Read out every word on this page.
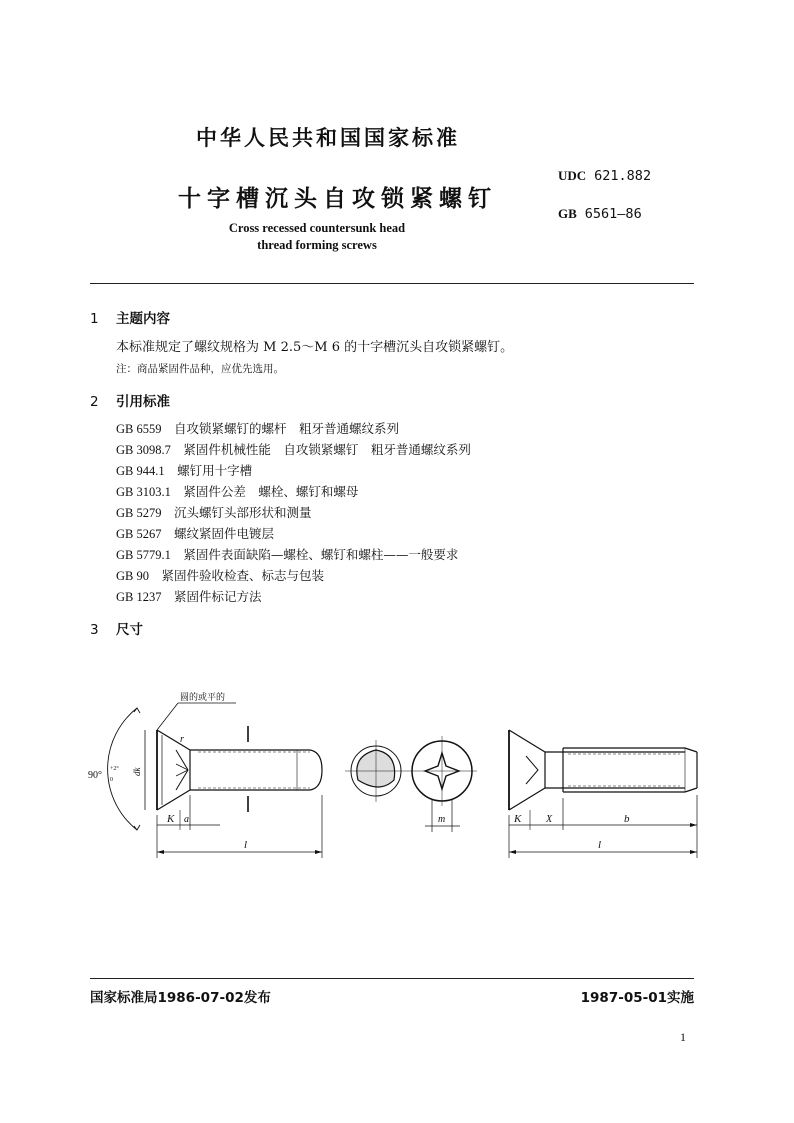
中华人民共和国国家标准
十字槽沉头自攻锁紧螺钉
Cross recessed countersunk head
thread forming screws
UDC 621.882
GB 6561—86
1 主题内容
本标准规定了螺纹规格为 M 2.5～M 6 的十字槽沉头自攻锁紧螺钉。
注：商品紧固件品种，应优先选用。
2 引用标准
GB 6559　 自攻锁紧螺钉的螺杆　粗牙普通螺纹系列
GB 3098.7　 紧固件机械性能　自攻锁紧螺钉　粗牙普通螺纹系列
GB 944.1　 螺钉用十字槽
GB 3103.1　 紧固件公差　螺栓、螺钉和螺母
GB 5279　 沉头螺钉头部形状和测量
GB 5267　 螺纹紧固件电镀层
GB 5779.1　 紧固件表面缺陷—螺栓、螺钉和螺柱——一般要求
GB 90　 紧固件验收检查、标志与包装
GB 1237　 紧固件标记方法
3 尺寸
圆的或平的
90°
+2°
0
dk
r
K a
l
m	K X	b
l
国家标准局1986-07-02发布	1987-05-01实施
1
